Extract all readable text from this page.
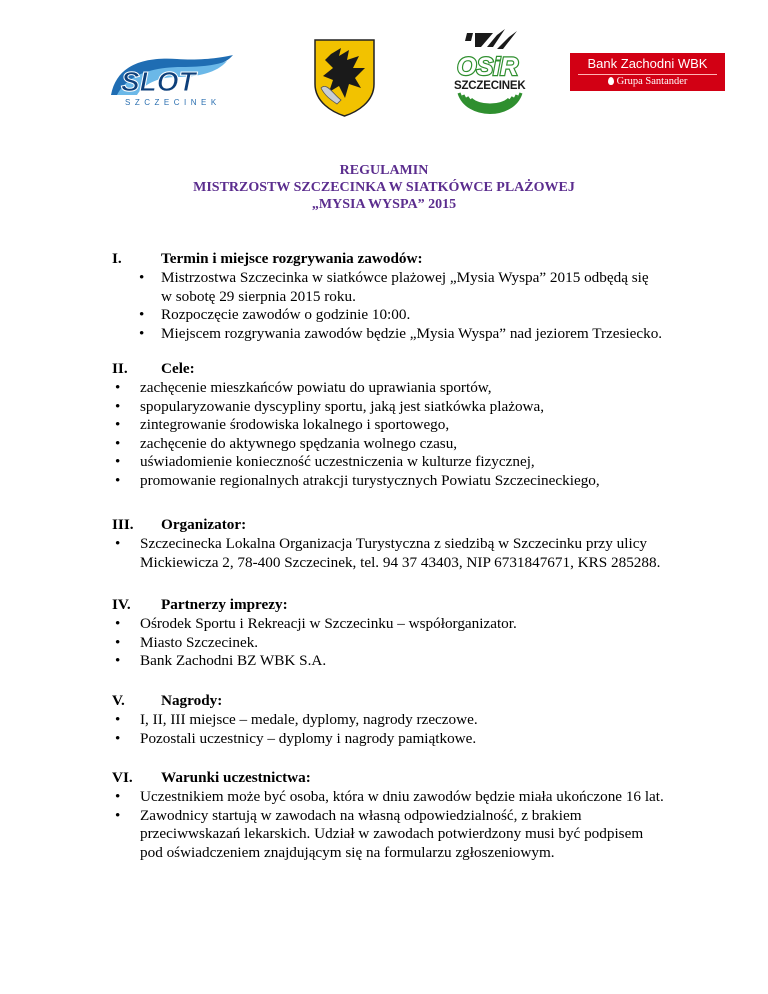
SLOT
SZCZECINEK
OSiR
SZCZECINEK
Bank Zachodni WBK
Grupa Santander
REGULAMIN
MISTRZOSTW SZCZECINKA W SIATKÓWCE PLAŻOWEJ
„MYSIA WYSPA” 2015
I.	Termin i miejsce rozgrywania zawodów:
• Mistrzostwa Szczecinka w siatkówce plażowej „Mysia Wyspa” 2015 odbędą się
w sobotę 29 sierpnia 2015 roku.
• Rozpoczęcie zawodów o godzinie 10:00.
• Miejscem rozgrywania zawodów będzie „Mysia Wyspa” nad jeziorem Trzesiecko.
II. Cele:
• zachęcenie mieszkańców powiatu do uprawiania sportów,
• spopularyzowanie dyscypliny sportu, jaką jest siatkówka plażowa,
• zintegrowanie środowiska lokalnego i sportowego,
• zachęcenie do aktywnego spędzania wolnego czasu,
• uświadomienie konieczność uczestniczenia w kulturze fizycznej,
• promowanie regionalnych atrakcji turystycznych Powiatu Szczecineckiego,
III. Organizator:
• Szczecinecka Lokalna Organizacja Turystyczna z siedzibą w Szczecinku przy ulicy
Mickiewicza 2, 78-400 Szczecinek, tel. 94 37 43403, NIP 6731847671, KRS 285288.
IV. Partnerzy imprezy:
• Ośrodek Sportu i Rekreacji w Szczecinku – współorganizator.
• Miasto Szczecinek.
• Bank Zachodni BZ WBK S.A.
V. Nagrody:
• I, II, III miejsce – medale, dyplomy, nagrody rzeczowe.
• Pozostali uczestnicy – dyplomy i nagrody pamiątkowe.
VI. Warunki uczestnictwa:
• Uczestnikiem może być osoba, która w dniu zawodów będzie miała ukończone 16 lat.
• Zawodnicy startują w zawodach na własną odpowiedzialność, z brakiem
przeciwwskazań lekarskich. Udział w zawodach potwierdzony musi być podpisem
pod oświadczeniem znajdującym się na formularzu zgłoszeniowym.
